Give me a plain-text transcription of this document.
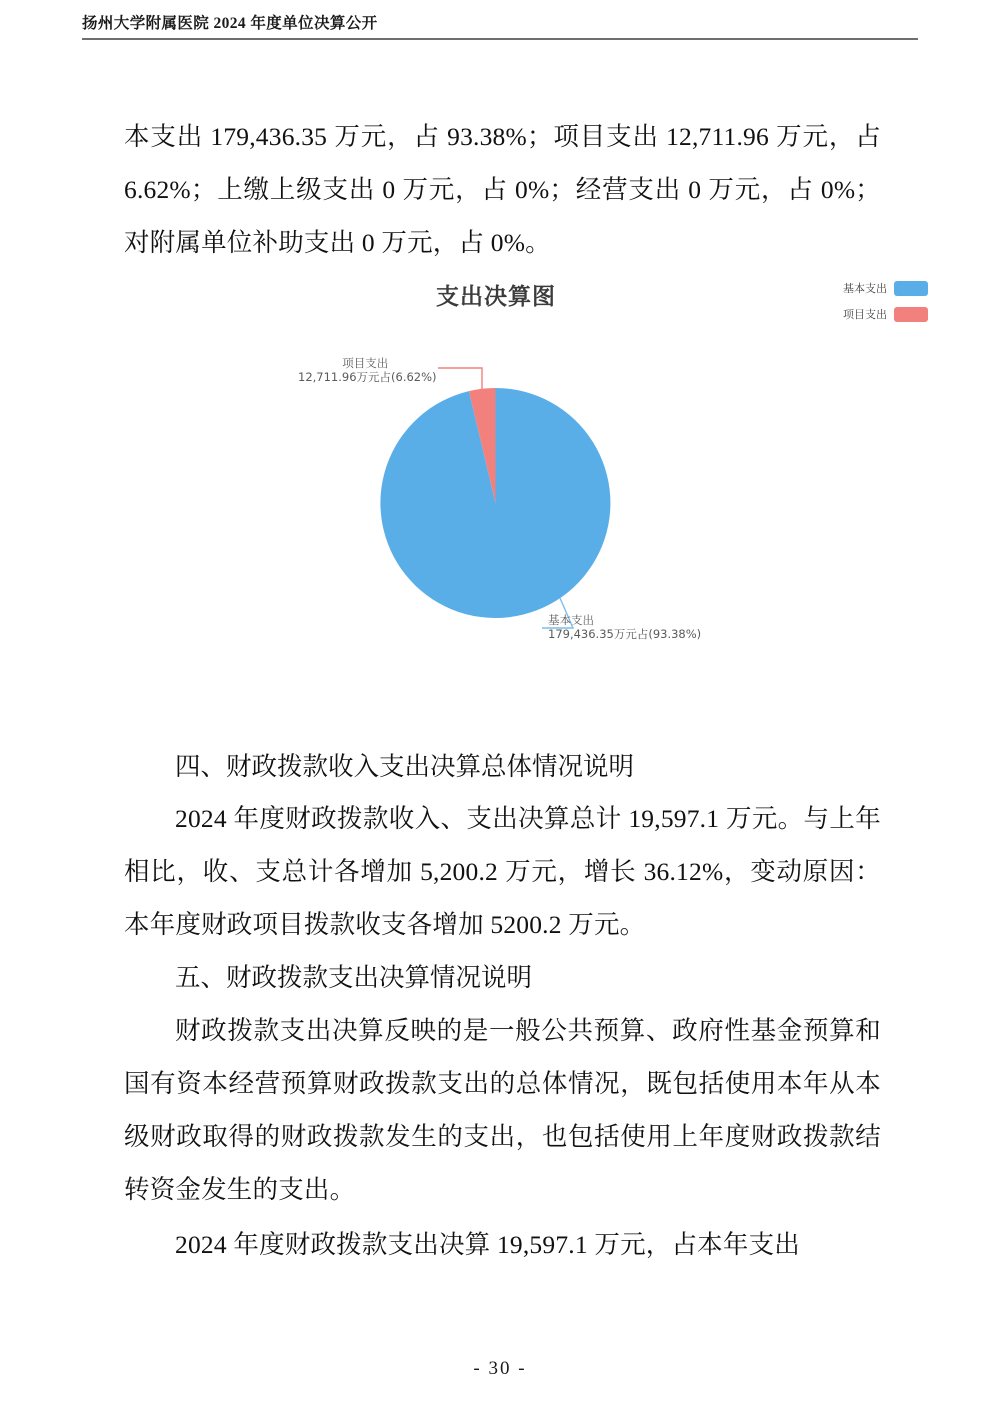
扬州大学附属医院 2024 年度单位决算公开

本支出 179,436.35 万元，占 93.38%；项目支出 12,711.96 万元，占 6.62%；上缴上级支出 0 万元，占 0%；经营支出 0 万元，占 0%；对附属单位补助支出 0 万元，占 0%。

支出决算图	基本支出
项目支出
项目支出
12,711.96万元占(6.62%)
基本支出
179,436.35万元占(93.38%)

四、财政拨款收入支出决算总体情况说明

2024 年度财政拨款收入、支出决算总计 19,597.1 万元。与上年相比，收、支总计各增加 5,200.2 万元，增长 36.12%，变动原因：本年度财政项目拨款收支各增加 5200.2 万元。

五、财政拨款支出决算情况说明

财政拨款支出决算反映的是一般公共预算、政府性基金预算和国有资本经营预算财政拨款支出的总体情况，既包括使用本年从本级财政取得的财政拨款发生的支出，也包括使用上年度财政拨款结转资金发生的支出。

2024 年度财政拨款支出决算 19,597.1 万元，占本年支出

- 30 -
